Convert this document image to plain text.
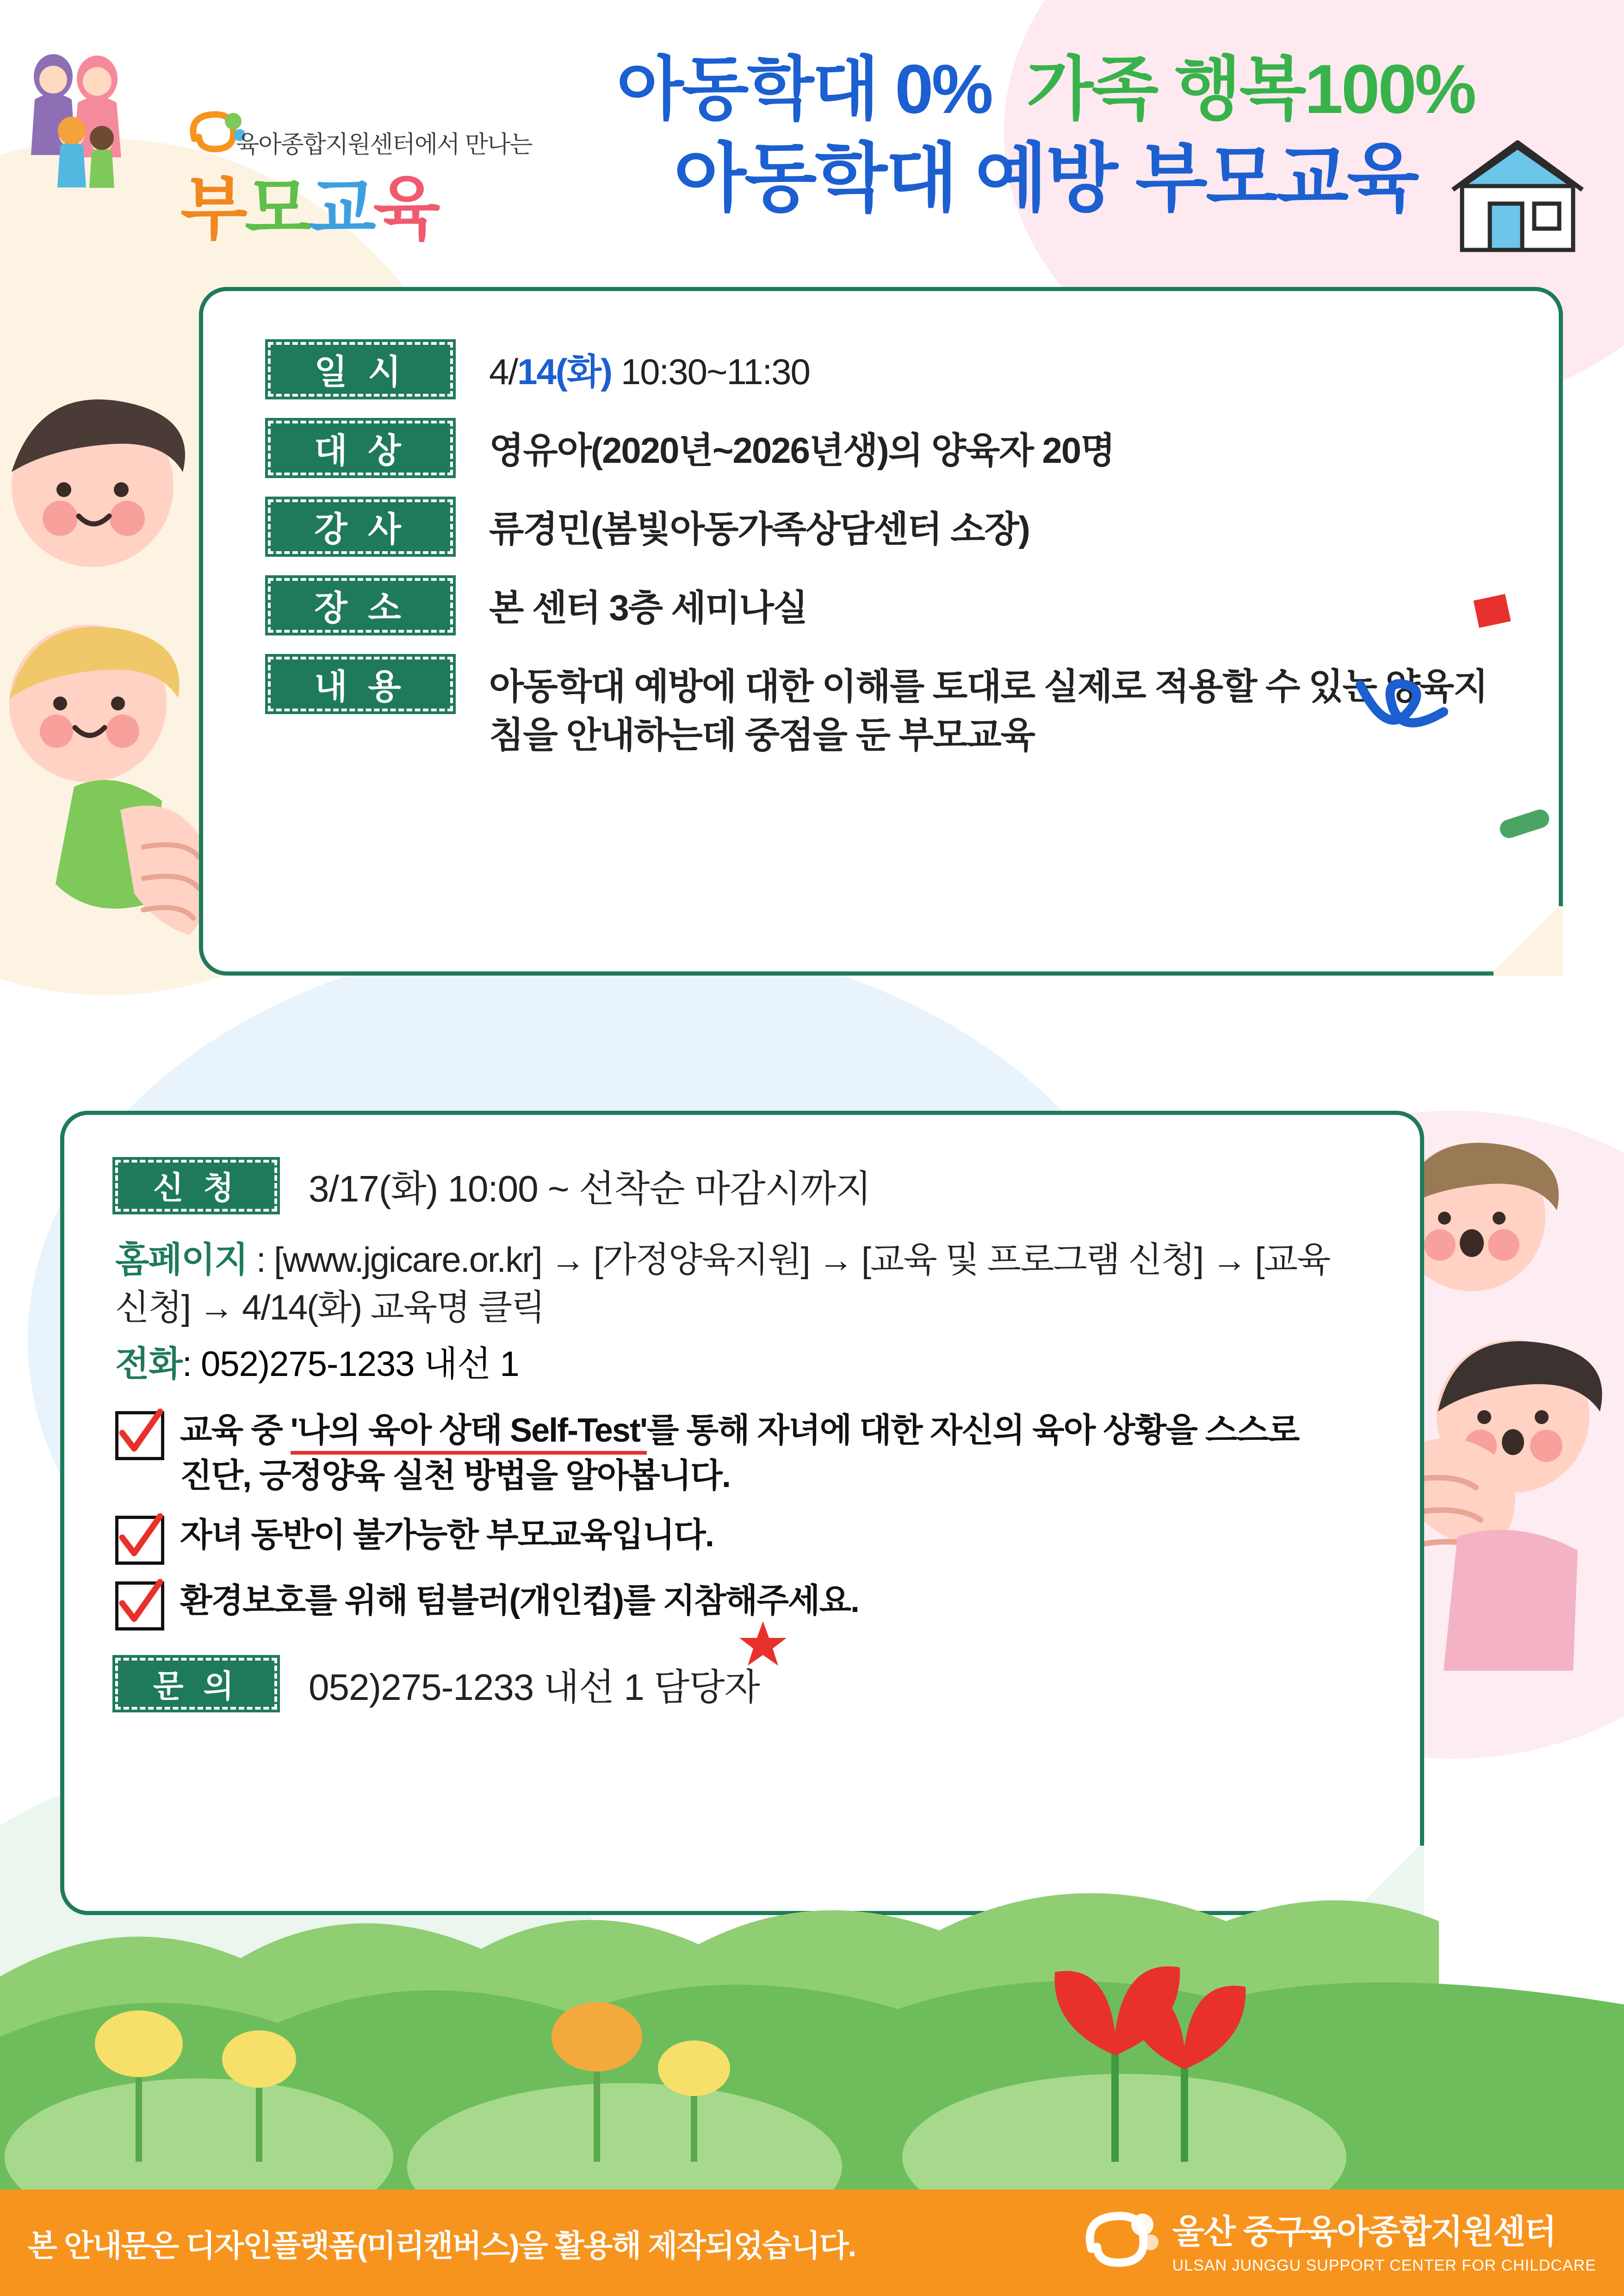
육아종합지원센터에서 만나는
부모교육
아동학대 0% 가족 행복100%
아동학대 예방 부모교육
일 시	4/14(화) 10:30~11:30
대 상	영유아(2020년~2026년생)의 양육자 20명
강 사	류경민(봄빛아동가족상담센터 소장)
장 소	본 센터 3층 세미나실
내 용	아동학대 예방에 대한 이해를 토대로 실제로 적용할 수 있는 양육지침을 안내하는데 중점을 둔 부모교육
신 청	3/17(화) 10:00 ~ 선착순 마감시까지
홈페이지 : [www.jgicare.or.kr] → [가정양육지원] → [교육 및 프로그램 신청] → [교육 신청] → 4/14(화) 교육명 클릭
전화: 052)275-1233 내선 1
교육 중 '나의 육아 상태 Self-Test'를 통해 자녀에 대한 자신의 육아 상황을 스스로 진단, 긍정양육 실천 방법을 알아봅니다.
자녀 동반이 불가능한 부모교육입니다.
환경보호를 위해 텀블러(개인컵)를 지참해주세요.
문 의	052)275-1233 내선 1 담당자
본 안내문은 디자인플랫폼(미리캔버스)을 활용해 제작되었습니다.	울산 중구육아종합지원센터
ULSAN JUNGGU SUPPORT CENTER FOR CHILDCARE
